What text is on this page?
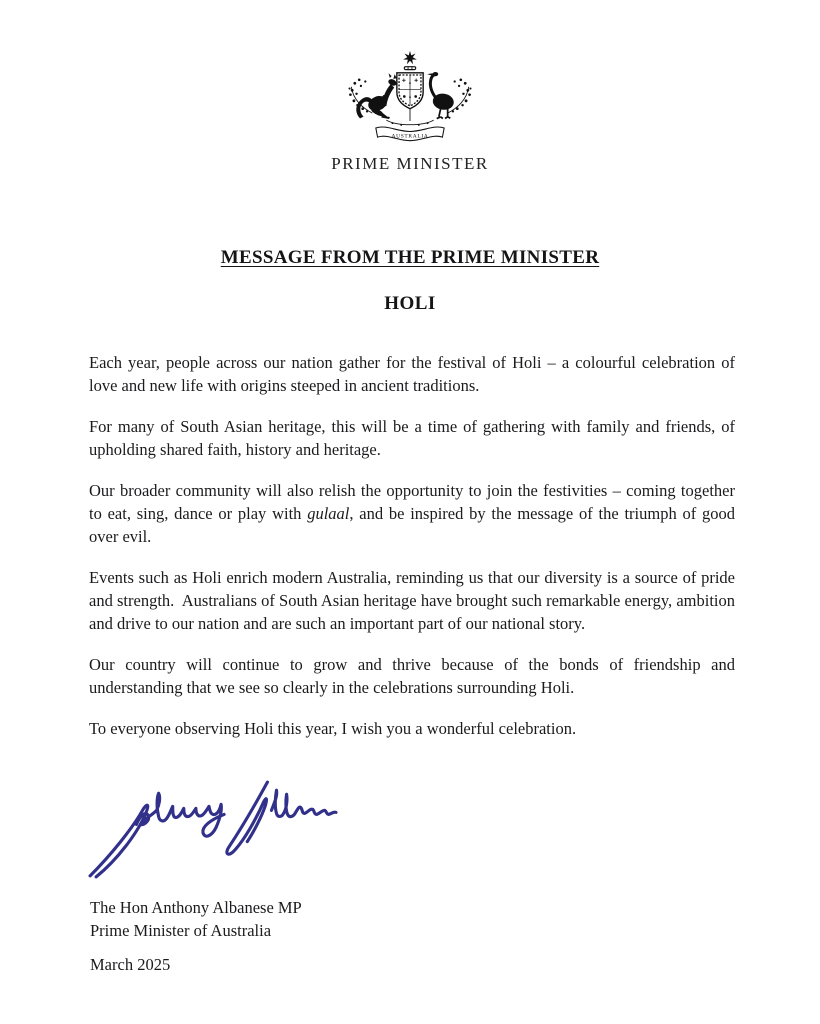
AUSTRALIA
PRIME MINISTER
MESSAGE FROM THE PRIME MINISTER
HOLI

Each year, people across our nation gather for the festival of Holi – a colourful celebration of love and new life with origins steeped in ancient traditions.

For many of South Asian heritage, this will be a time of gathering with family and friends, of upholding shared faith, history and heritage.

Our broader community will also relish the opportunity to join the festivities – coming together to eat, sing, dance or play with gulaal, and be inspired by the message of the triumph of good over evil.

Events such as Holi enrich modern Australia, reminding us that our diversity is a source of pride and strength.  Australians of South Asian heritage have brought such remarkable energy, ambition and drive to our nation and are such an important part of our national story.

Our country will continue to grow and thrive because of the bonds of friendship and understanding that we see so clearly in the celebrations surrounding Holi.

To everyone observing Holi this year, I wish you a wonderful celebration.

The Hon Anthony Albanese MP
Prime Minister of Australia
March 2025
